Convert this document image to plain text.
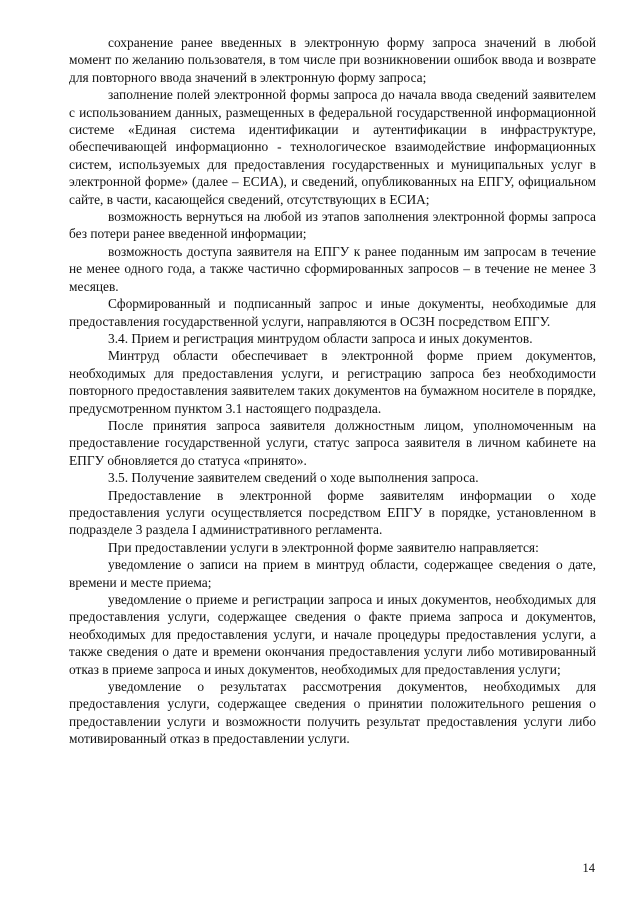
сохранение ранее введенных в электронную форму запроса значений в любой момент по желанию пользователя, в том числе при возникновении ошибок ввода и возврате для повторного ввода значений в электронную форму запроса;

заполнение полей электронной формы запроса до начала ввода сведений заявителем с использованием данных, размещенных в федеральной государственной информационной системе «Единая система идентификации и аутентификации в инфраструктуре, обеспечивающей информационно - технологическое взаимодействие информационных систем, используемых для предоставления государственных и муниципальных услуг в электронной форме» (далее – ЕСИА), и сведений, опубликованных на ЕПГУ, официальном сайте, в части, касающейся сведений, отсутствующих в ЕСИА;

возможность вернуться на любой из этапов заполнения электронной формы запроса без потери ранее введенной информации;

возможность доступа заявителя на ЕПГУ к ранее поданным им запросам в течение не менее одного года, а также частично сформированных запросов – в течение не менее 3 месяцев.

Сформированный и подписанный запрос и иные документы, необходимые для предоставления государственной услуги, направляются в ОСЗН посредством ЕПГУ.

3.4. Прием и регистрация минтрудом области запроса и иных документов.

Минтруд области обеспечивает в электронной форме прием документов, необходимых для предоставления услуги, и регистрацию запроса без необходимости повторного предоставления заявителем таких документов на бумажном носителе в порядке, предусмотренном пунктом 3.1 настоящего подраздела.

После принятия запроса заявителя должностным лицом, уполномоченным на предоставление государственной услуги, статус запроса заявителя в личном кабинете на ЕПГУ обновляется до статуса «принято».

3.5. Получение заявителем сведений о ходе выполнения запроса.

Предоставление в электронной форме заявителям информации о ходе предоставления услуги осуществляется посредством ЕПГУ в порядке, установленном в подразделе 3 раздела I административного регламента.

При предоставлении услуги в электронной форме заявителю направляется:

уведомление о записи на прием в минтруд области, содержащее сведения о дате, времени и месте приема;

уведомление о приеме и регистрации запроса и иных документов, необходимых для предоставления услуги, содержащее сведения о факте приема запроса и документов, необходимых для предоставления услуги, и начале процедуры предоставления услуги, а также сведения о дате и времени окончания предоставления услуги либо мотивированный отказ в приеме запроса и иных документов, необходимых для предоставления услуги;

уведомление о результатах рассмотрения документов, необходимых для предоставления услуги, содержащее сведения о принятии положительного решения о предоставлении услуги и возможности получить результат предоставления услуги либо мотивированный отказ в предоставлении услуги.

14
